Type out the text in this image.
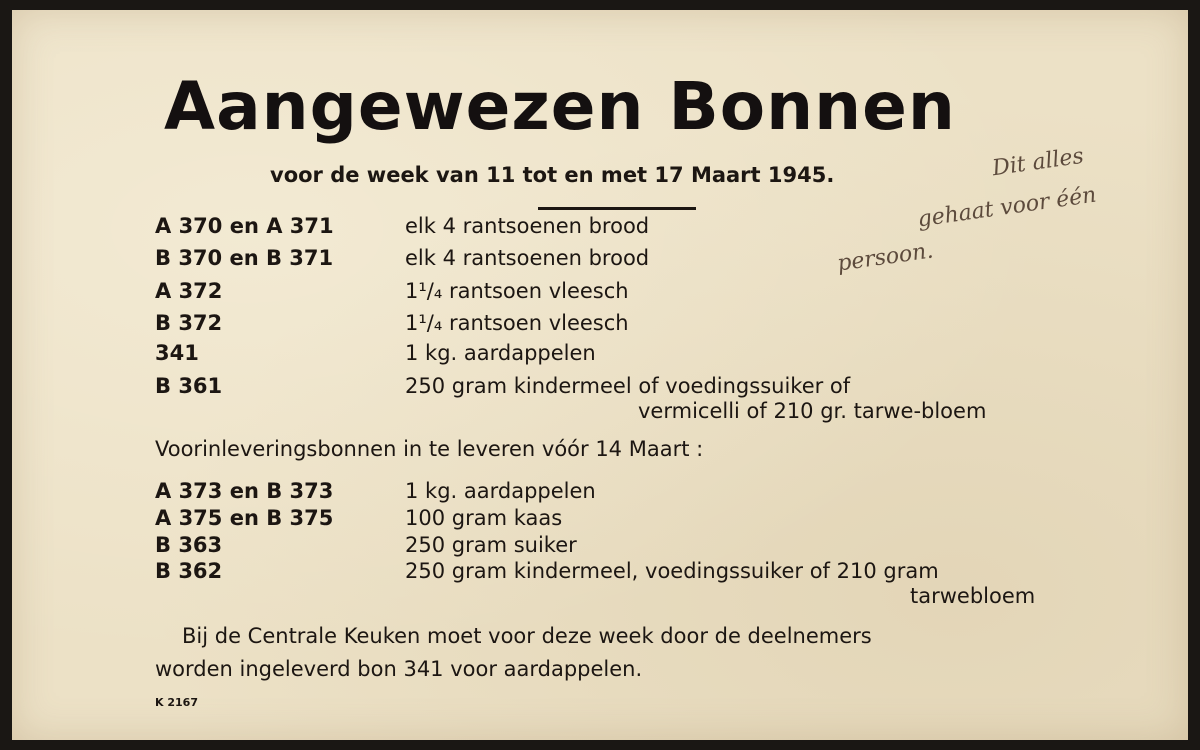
Aangewezen Bonnen
voor de week van 11 tot en met 17 Maart 1945.	Dit alles
gehaat voor één
persoon.
A 370 en A 371	elk 4 rantsoenen brood
B 370 en B 371	elk 4 rantsoenen brood
A 372	1¹/₄ rantsoen vleesch
B 372	1¹/₄ rantsoen vleesch
341	1 kg. aardappelen
B 361	250 gram kindermeel of voedingssuiker of
vermicelli of 210 gr. tarwe-bloem
Voorinleveringsbonnen in te leveren vóór 14 Maart :
A 373 en B 373	1 kg. aardappelen
A 375 en B 375	100 gram kaas
B 363	250 gram suiker
B 362	250 gram kindermeel, voedingssuiker of 210 gram
tarwebloem
Bij de Centrale Keuken moet voor deze week door de deelnemers
worden ingeleverd bon 341 voor aardappelen.
K 2167
